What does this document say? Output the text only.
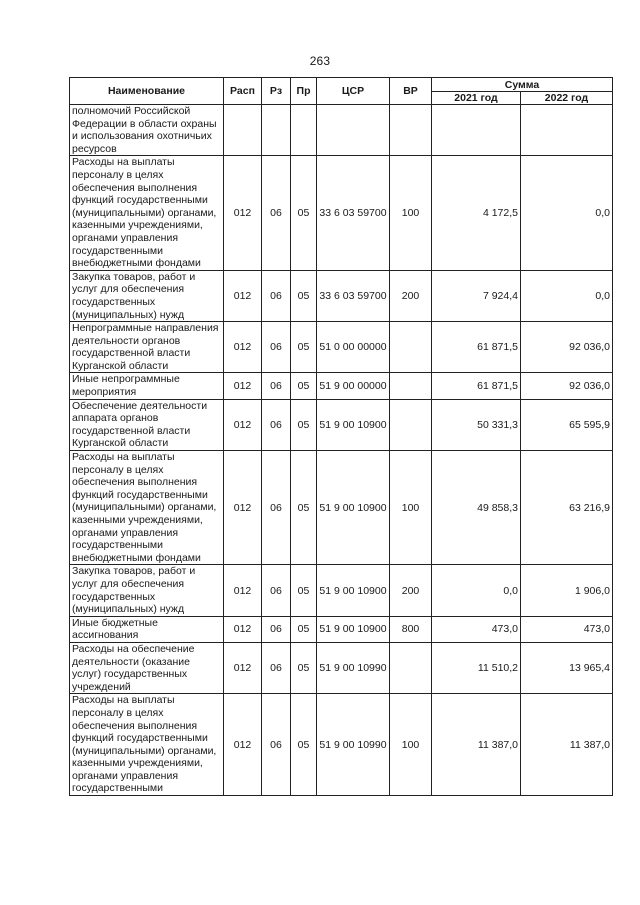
263
Наименование	Расп	Рз	Пр	ЦСР	ВР	Сумма	
						2021 год	2022 год
полномочий Российской Федерации в области охраны и использования охотничьих ресурсов							
Расходы на выплаты персоналу в целях обеспечения выполнения функций государственными (муниципальными) органами, казенными учреждениями, органами управления государственными внебюджетными фондами	012	06	05	33 6 03 59700	100	4 172,5	0,0
Закупка товаров, работ и услуг для обеспечения государственных (муниципальных) нужд	012	06	05	33 6 03 59700	200	7 924,4	0,0
Непрограммные направления деятельности органов государственной власти Курганской области	012	06	05	51 0 00 00000		61 871,5	92 036,0
Иные непрограммные мероприятия	012	06	05	51 9 00 00000		61 871,5	92 036,0
Обеспечение деятельности аппарата органов государственной власти Курганской области	012	06	05	51 9 00 10900		50 331,3	65 595,9
Расходы на выплаты персоналу в целях обеспечения выполнения функций государственными (муниципальными) органами, казенными учреждениями, органами управления государственными внебюджетными фондами	012	06	05	51 9 00 10900	100	49 858,3	63 216,9
Закупка товаров, работ и услуг для обеспечения государственных (муниципальных) нужд	012	06	05	51 9 00 10900	200	0,0	1 906,0
Иные бюджетные ассигнования	012	06	05	51 9 00 10900	800	473,0	473,0
Расходы на обеспечение деятельности (оказание услуг) государственных учреждений	012	06	05	51 9 00 10990		11 510,2	13 965,4
Расходы на выплаты персоналу в целях обеспечения выполнения функций государственными (муниципальными) органами, казенными учреждениями, органами управления государственными	012	06	05	51 9 00 10990	100	11 387,0	11 387,0
